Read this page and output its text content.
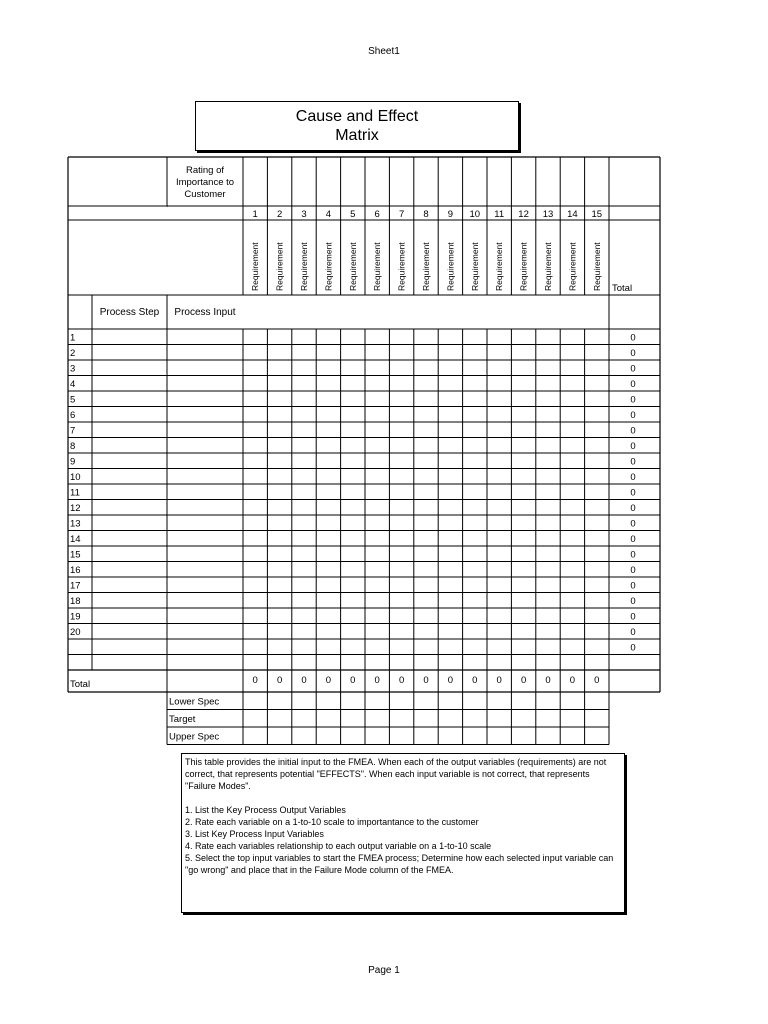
Sheet1
Cause and Effect
Matrix
Rating of
Importance to
Customer
1 2 3 4 5 6 7 8 9 10 11 12 13 14 15
Requirement Requirement Requirement Requirement Requirement Requirement Requirement Requirement Requirement Requirement Requirement Requirement Requirement Requirement Requirement Total
Process Step Process Input
1	0
2	0
3	0
4	0
5	0
6	0
7	0
8	0
9	0
10	0
11	0
12	0
13	0
14	0
15	0
16	0
17	0
18	0
19	0
20	0
0
Total	0 0 0 0 0 0 0 0 0 0 0 0 0 0 0
Lower Spec
Target
Upper Spec

This table provides the initial input to the FMEA. When each of the output variables (requirements) are not correct, that represents potential "EFFECTS". When each input variable is not correct, that represents "Failure Modes".

1. List the Key Process Output Variables

2. Rate each variable on a 1-to-10 scale to importantance to the customer

3. List Key Process Input Variables

4. Rate each variables relationship to each output variable on a 1-to-10 scale

5. Select the top input variables to start the FMEA process; Determine how each selected input variable can "go wrong" and place that in the Failure Mode column of the FMEA.

Page 1
